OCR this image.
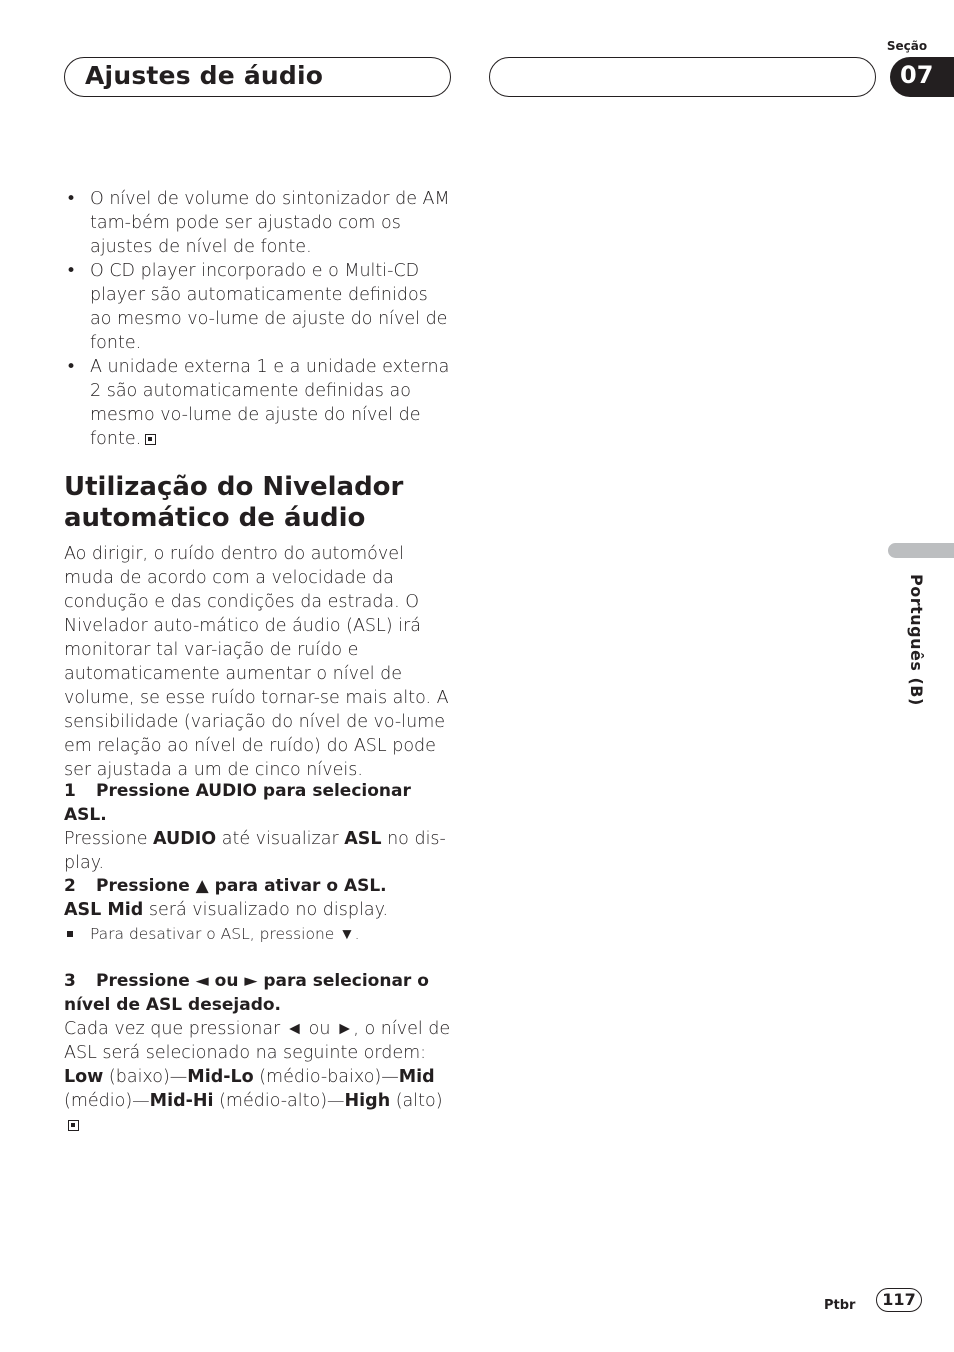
Ajustes de áudio
Seção
07
• O nível de volume do sintonizador de AM tam-bém pode ser ajustado com os ajustes de nível de fonte.
• O CD player incorporado e o Multi-CD player são automaticamente definidos ao mesmo vo-lume de ajuste do nível de fonte.
• A unidade externa 1 e a unidade externa 2 são automaticamente definidas ao mesmo vo-lume de ajuste do nível de fonte.
Utilização do Nivelador
automático de áudio

Ao dirigir, o ruído dentro do automóvel muda de acordo com a velocidade da condução e das condições da estrada. O Nivelador auto-mático de áudio (ASL) irá monitorar tal var-iação de ruído e automaticamente aumentar o nível de volume, se esse ruído tornar-se mais alto. A sensibilidade (variação do nível de vo-lume em relação ao nível de ruído) do ASL pode ser ajustada a um de cinco níveis.

1 Pressione AUDIO para selecionar ASL.

Pressione AUDIO até visualizar ASL no dis-play.

2 Pressione ▲ para ativar o ASL.

ASL Mid será visualizado no display.

Para desativar o ASL, pressione ▼.

3 Pressione ◄ ou ► para selecionar o
nível de ASL desejado.

Cada vez que pressionar ◄ ou ►, o nível de ASL será selecionado na seguinte ordem:

Low (baixo)—Mid-Lo (médio-baixo)—Mid
(médio)—Mid-Hi (médio-alto)—High (alto)

Português (B)
Ptbr	117
